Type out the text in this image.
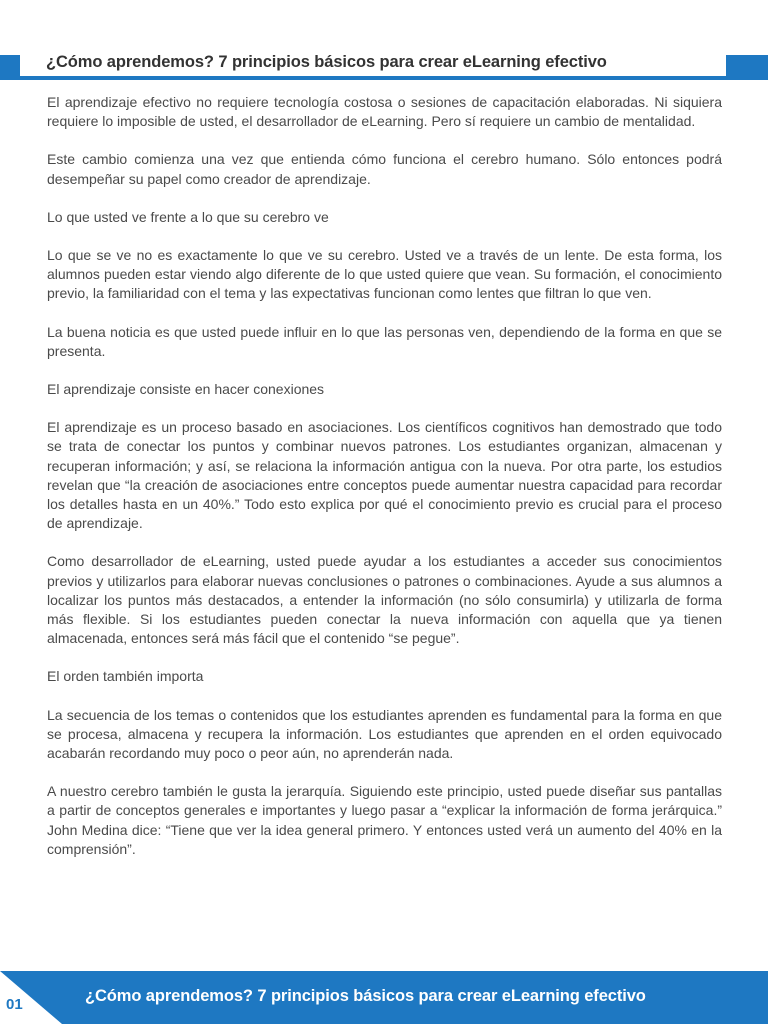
¿Cómo aprendemos? 7 principios básicos para crear eLearning efectivo

El aprendizaje efectivo no requiere tecnología costosa o sesiones de capacitación elaboradas. Ni siquiera requiere lo imposible de usted, el desarrollador de eLearning. Pero sí requiere un cambio de mentalidad.

Este cambio comienza una vez que entienda cómo funciona el cerebro humano. Sólo entonces podrá desempeñar su papel como creador de aprendizaje.

Lo que usted ve frente a lo que su cerebro ve

Lo que se ve no es exactamente lo que ve su cerebro. Usted ve a través de un lente. De esta forma, los alumnos pueden estar viendo algo diferente de lo que usted quiere que vean. Su formación, el conocimiento previo, la familiaridad con el tema y las expectativas funcionan como lentes que filtran lo que ven.

La buena noticia es que usted puede influir en lo que las personas ven, dependiendo de la forma en que se presenta.

El aprendizaje consiste en hacer conexiones

El aprendizaje es un proceso basado en asociaciones. Los científicos cognitivos han demostrado que todo se trata de conectar los puntos y combinar nuevos patrones. Los estudiantes organizan, almacenan y recuperan información; y así, se relaciona la información antigua con la nueva. Por otra parte, los estudios revelan que “la creación de asociaciones entre conceptos puede aumentar nuestra capacidad para recordar los detalles hasta en un 40%.” Todo esto explica por qué el conocimiento previo es crucial para el proceso de aprendizaje.

Como desarrollador de eLearning, usted puede ayudar a los estudiantes a acceder sus conocimientos previos y utilizarlos para elaborar nuevas conclusiones o patrones o combinaciones. Ayude a sus alumnos a localizar los puntos más destacados, a entender la información (no sólo consumirla) y utilizarla de forma más flexible. Si los estudiantes pueden conectar la nueva información con aquella que ya tienen almacenada, entonces será más fácil que el contenido “se pegue”.

El orden también importa

La secuencia de los temas o contenidos que los estudiantes aprenden es fundamental para la forma en que se procesa, almacena y recupera la información. Los estudiantes que aprenden en el orden equivocado acabarán recordando muy poco o peor aún, no aprenderán nada.

A nuestro cerebro también le gusta la jerarquía. Siguiendo este principio, usted puede diseñar sus pantallas a partir de conceptos generales e importantes y luego pasar a “explicar la información de forma jerárquica.” John Medina dice: “Tiene que ver la idea general primero. Y entonces usted verá un aumento del 40% en la comprensión”.

01	¿Cómo aprendemos? 7 principios básicos para crear eLearning efectivo
